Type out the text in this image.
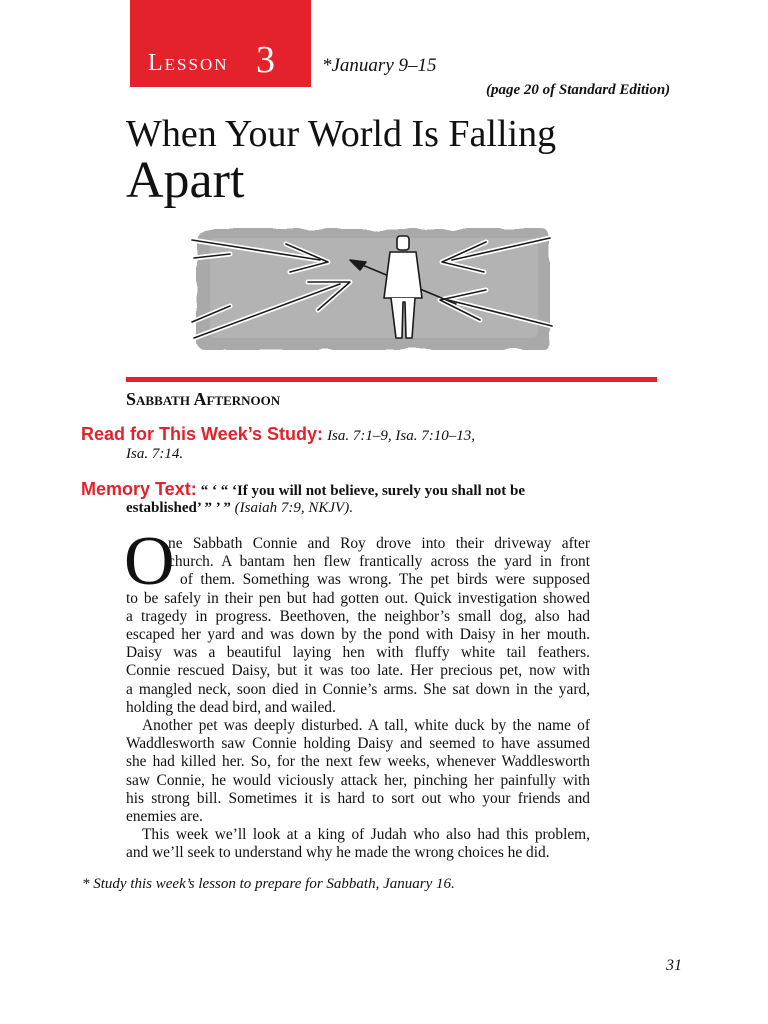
Lesson 3 *January 9–15
(page 20 of Standard Edition)
When Your World Is Falling
Apart
Sabbath Afternoon
Read for This Week’s Study: Isa. 7:1–9, Isa. 7:10–13,
Isa. 7:14.
Memory Text: “ ‘ “ ‘If you will not believe, surely you shall not be
established’ ” ’ ” (Isaiah 7:9, NKJV).
O
ne Sabbath Connie and Roy drove into their driveway after
church. A bantam hen flew frantically across the yard in front
of them. Something was wrong. The pet birds were supposed
to be safely in their pen but had gotten out. Quick investigation showed
a tragedy in progress. Beethoven, the neighbor’s small dog, also had
escaped her yard and was down by the pond with Daisy in her mouth.
Daisy was a beautiful laying hen with fluffy white tail feathers.
Connie rescued Daisy, but it was too late. Her precious pet, now with
a mangled neck, soon died in Connie’s arms. She sat down in the yard,
holding the dead bird, and wailed.
Another pet was deeply disturbed. A tall, white duck by the name of
Waddlesworth saw Connie holding Daisy and seemed to have assumed
she had killed her. So, for the next few weeks, whenever Waddlesworth
saw Connie, he would viciously attack her, pinching her painfully with
his strong bill. Sometimes it is hard to sort out who your friends and
enemies are.
This week we’ll look at a king of Judah who also had this problem,
and we’ll seek to understand why he made the wrong choices he did.
* Study this week’s lesson to prepare for Sabbath, January 16.
31
